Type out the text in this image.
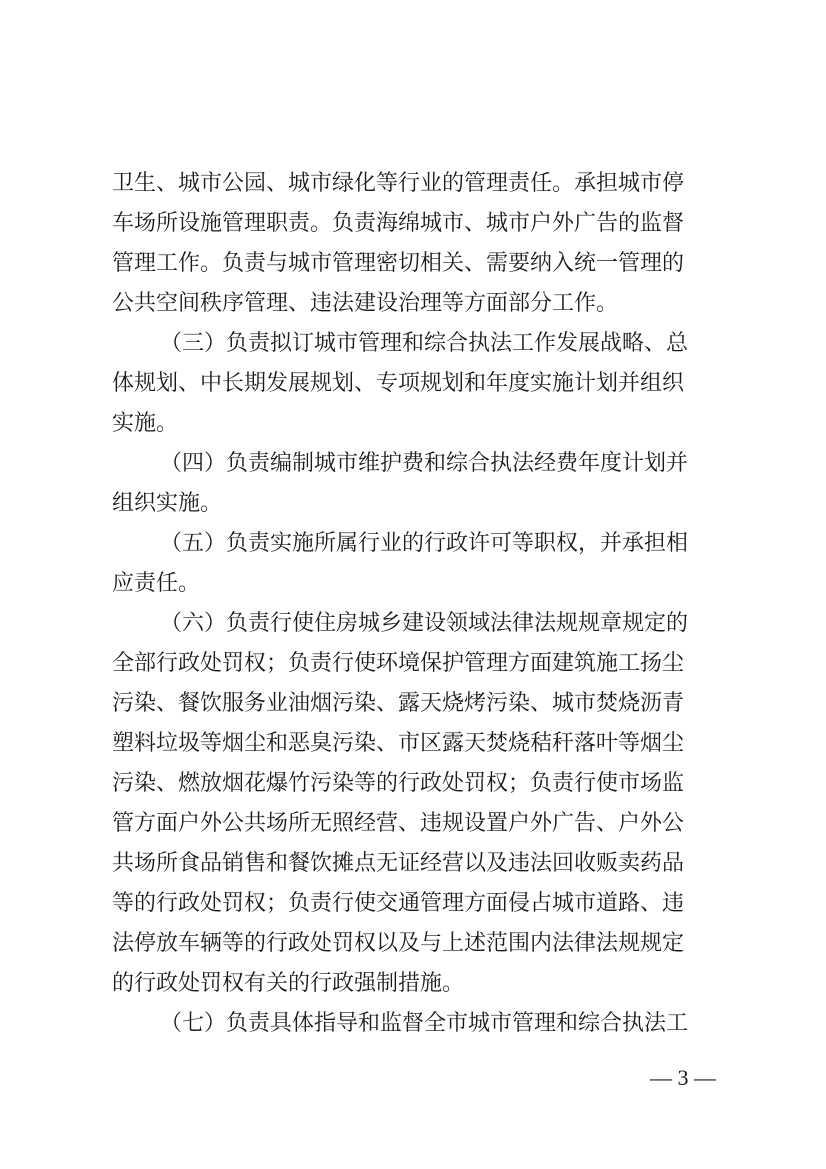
卫生、城市公园、城市绿化等行业的管理责任。承担城市停
车场所设施管理职责。负责海绵城市、城市户外广告的监督
管理工作。负责与城市管理密切相关、需要纳入统一管理的
公共空间秩序管理、违法建设治理等方面部分工作。
（三）负责拟订城市管理和综合执法工作发展战略、总
体规划、中长期发展规划、专项规划和年度实施计划并组织
实施。
（四）负责编制城市维护费和综合执法经费年度计划并
组织实施。
（五）负责实施所属行业的行政许可等职权，并承担相
应责任。
（六）负责行使住房城乡建设领域法律法规规章规定的
全部行政处罚权；负责行使环境保护管理方面建筑施工扬尘
污染、餐饮服务业油烟污染、露天烧烤污染、城市焚烧沥青
塑料垃圾等烟尘和恶臭污染、市区露天焚烧秸秆落叶等烟尘
污染、燃放烟花爆竹污染等的行政处罚权；负责行使市场监
管方面户外公共场所无照经营、违规设置户外广告、户外公
共场所食品销售和餐饮摊点无证经营以及违法回收贩卖药品
等的行政处罚权；负责行使交通管理方面侵占城市道路、违
法停放车辆等的行政处罚权以及与上述范围内法律法规规定
的行政处罚权有关的行政强制措施。
（七）负责具体指导和监督全市城市管理和综合执法工
— 3 —
